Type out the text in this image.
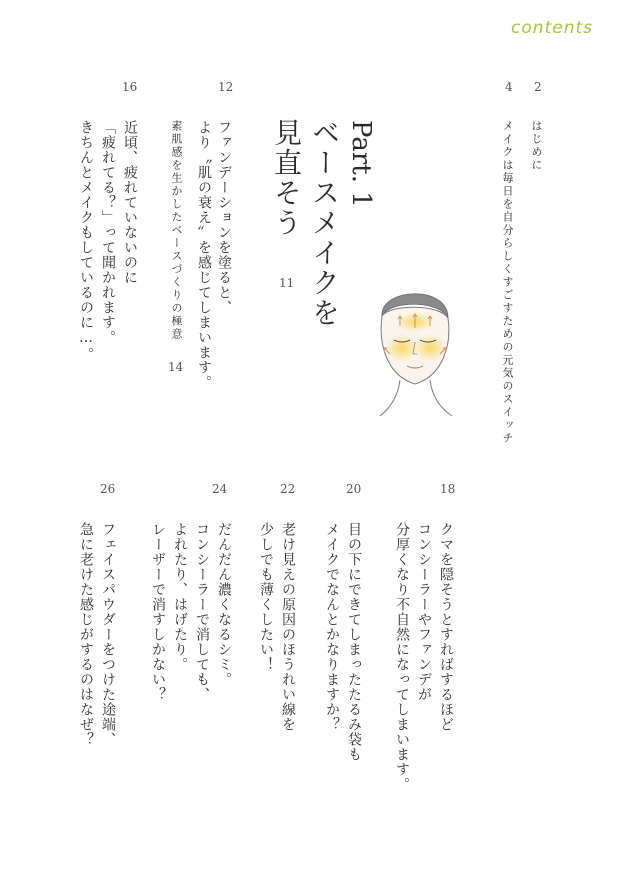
contents
2
4
はじめに
メイクは毎日を自分らしくすごすための元気のスイッチ
Part. 1
ベースメイクを
見直そう
11
12
ファンデーションを塗ると、
より〝肌の衰え〟を感じてしまいます。
素肌感を生かしたベースづくりの極意
14
16
近頃、疲れていないのに
「疲れてる？」って聞かれます。
きちんとメイクもしているのに…。
18
クマを隠そうとすればするほど
コンシーラーやファンデが
分厚くなり不自然になってしまいます。
20
目の下にできてしまったたるみ袋も
メイクでなんとかなりますか？
22
老け見えの原因のほうれい線を
少しでも薄くしたい！
24
だんだん濃くなるシミ。
コンシーラーで消しても、
よれたり、はげたり。
レーザーで消すしかない？
26
フェイスパウダーをつけた途端、
急に老けた感じがするのはなぜ？
